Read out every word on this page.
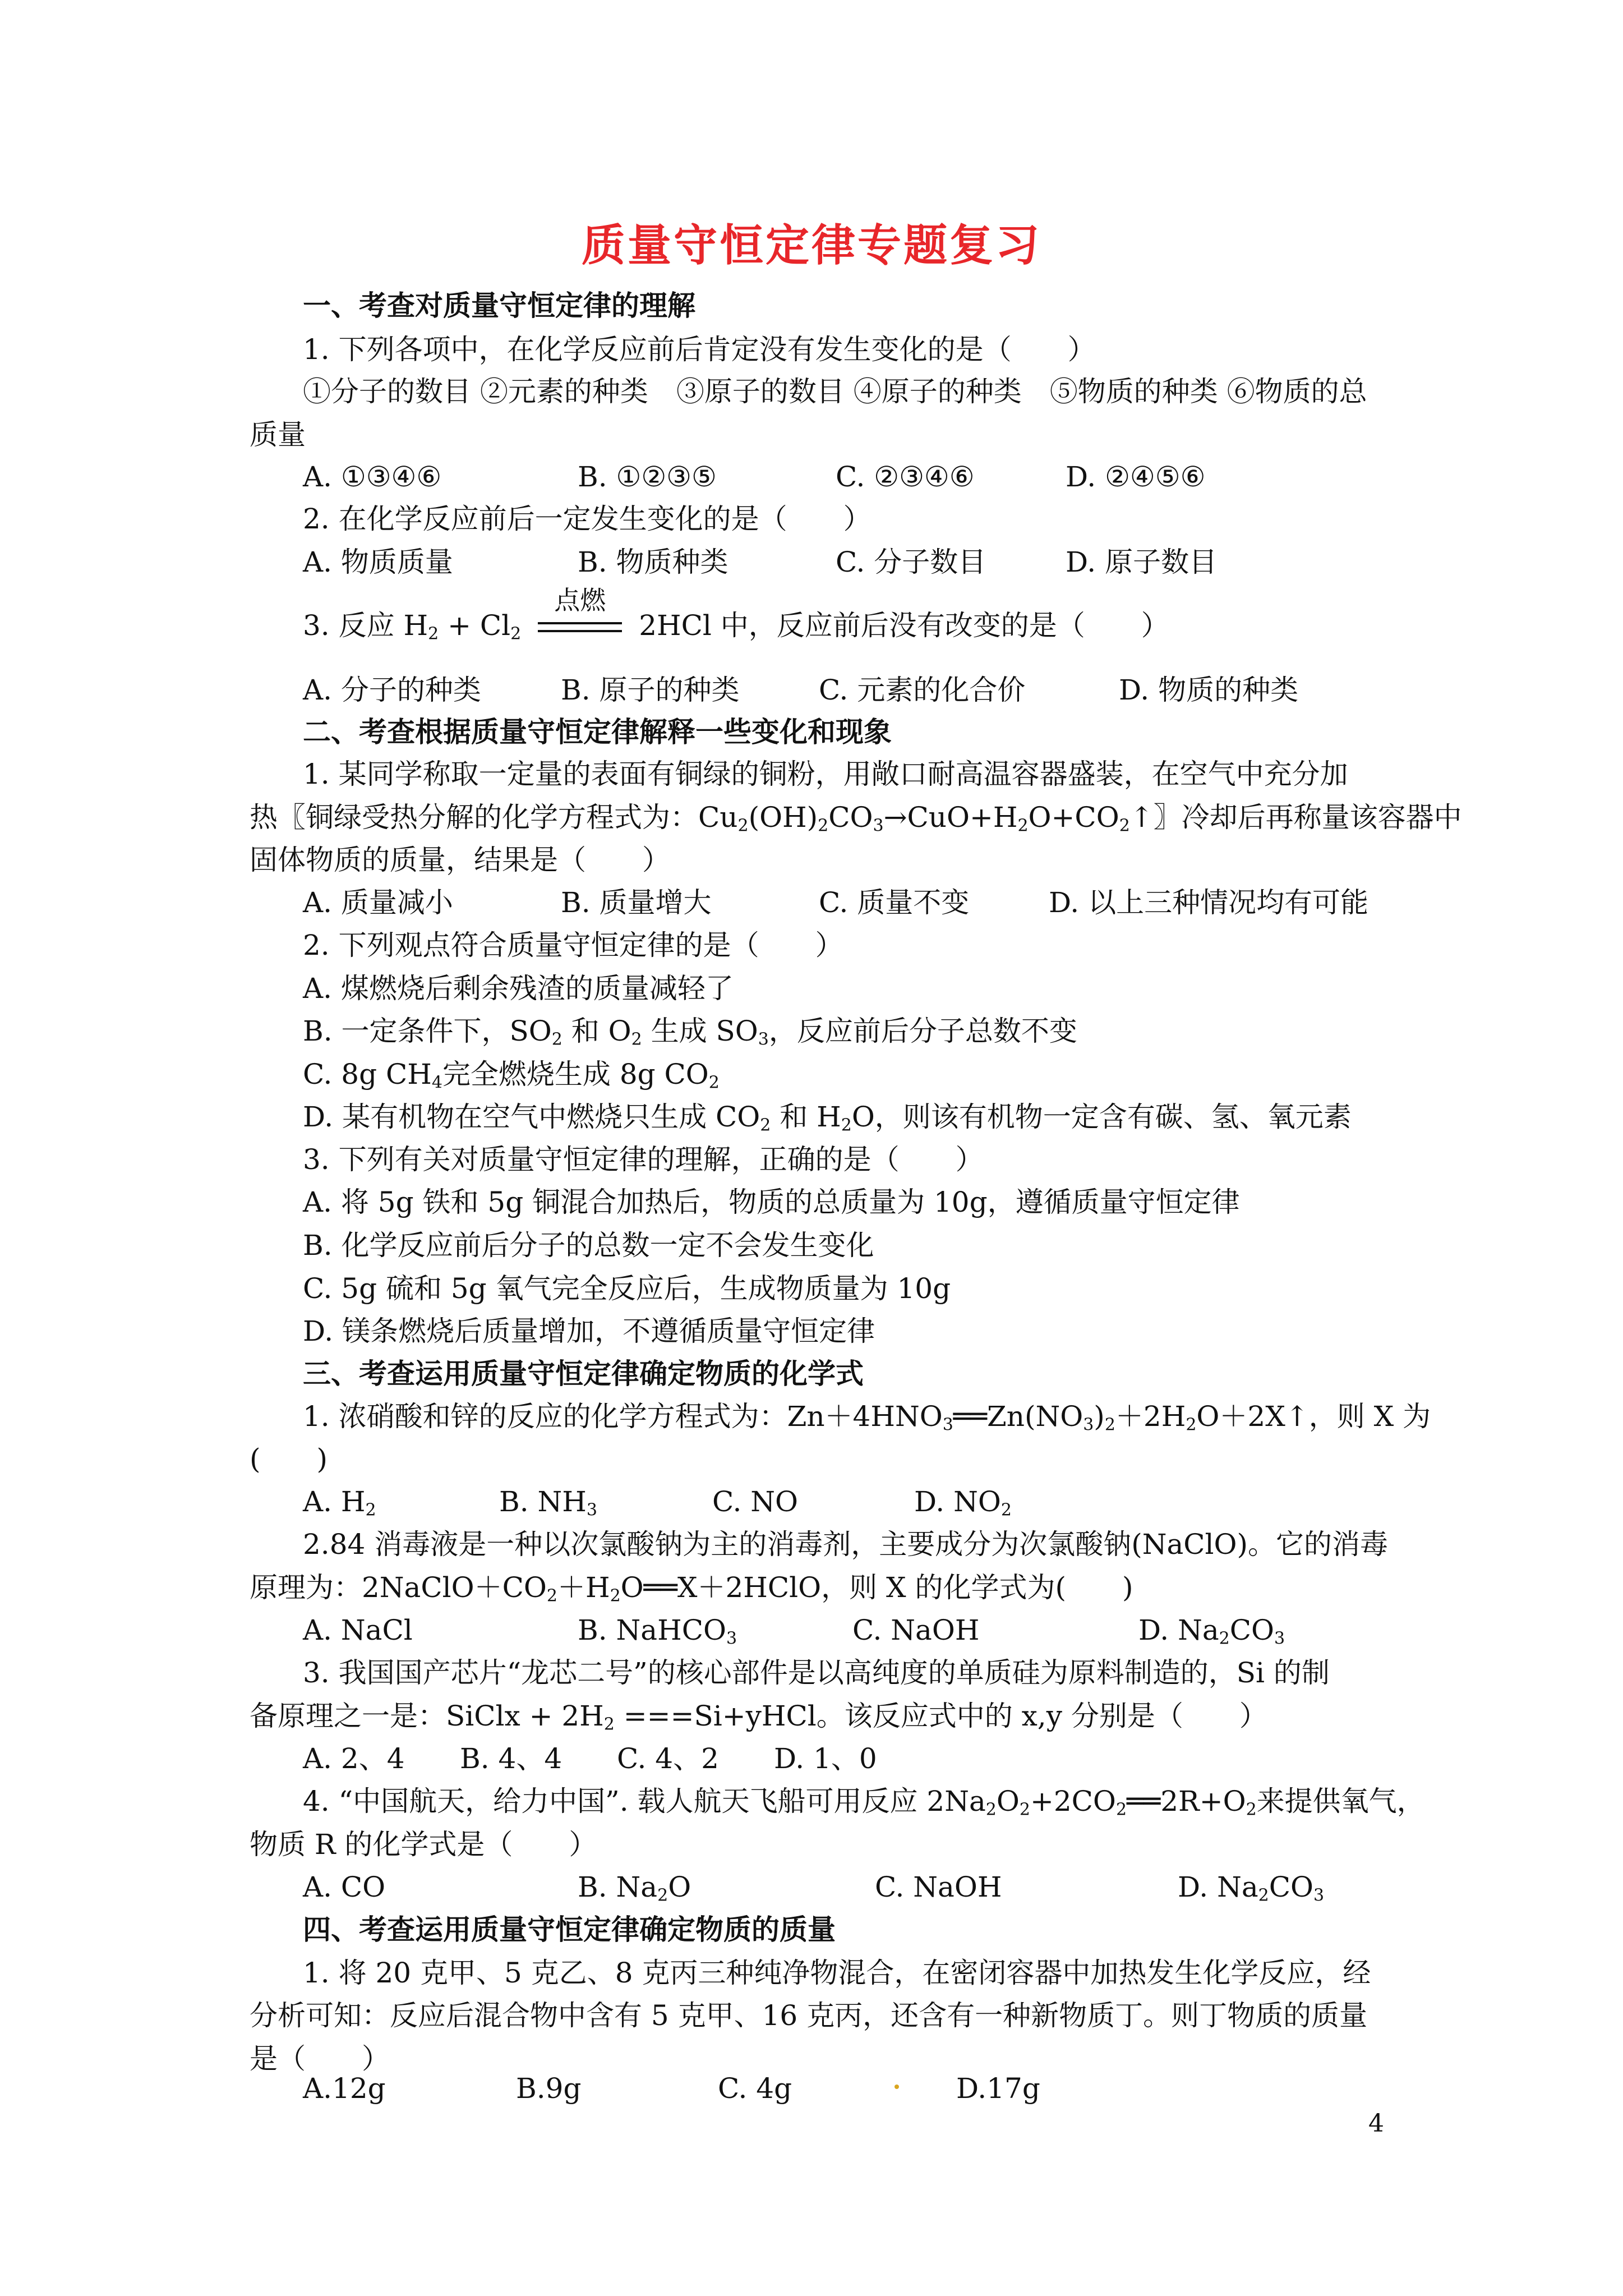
质量守恒定律专题复习
一、考查对质量守恒定律的理解
1. 下列各项中，在化学反应前后肯定没有发生变化的是（　　）
①分子的数目 ②元素的种类　③原子的数目 ④原子的种类　⑤物质的种类 ⑥物质的总
质量
A. ①③④⑥	B. ①②③⑤	C. ②③④⑥	D. ②④⑤⑥
2. 在化学反应前后一定发生变化的是（　　）
A. 物质质量	B. 物质种类	C. 分子数目	D. 原子数目
3. 反应 $H_2 + Cl_2$
点燃
2HCl 中，反应前后没有改变的是（　　）
A. 分子的种类	B. 原子的种类	C. 元素的化合价	D. 物质的种类
二、考查根据质量守恒定律解释一些变化和现象
1. 某同学称取一定量的表面有铜绿的铜粉，用敞口耐高温容器盛装，在空气中充分加
热〖铜绿受热分解的化学方程式为：$Cu_2(OH)_2CO_3\to CuO+H_2O+CO_2↑$〗冷却后再称量该容器中
固体物质的质量，结果是（　　）
A. 质量减小	B. 质量增大	C. 质量不变	D. 以上三种情况均有可能
2. 下列观点符合质量守恒定律的是（　　）
A. 煤燃烧后剩余残渣的质量减轻了
B. 一定条件下，$SO_2$ 和 $O_2$ 生成 $SO_3$，反应前后分子总数不变
C. 8g $CH_4$完全燃烧生成 8g $CO_2$
D. 某有机物在空气中燃烧只生成 $CO_2$ 和 $H_2O$，则该有机物一定含有碳、氢、氧元素
3. 下列有关对质量守恒定律的理解，正确的是（　　）
A. 将 5g 铁和 5g 铜混合加热后，物质的总质量为 10g，遵循质量守恒定律
B. 化学反应前后分子的总数一定不会发生变化
C. 5g 硫和 5g 氧气完全反应后，生成物质量为 10g
D. 镁条燃烧后质量增加，不遵循质量守恒定律
三、考查运用质量守恒定律确定物质的化学式
1. 浓硝酸和锌的反应的化学方程式为：$Zn+4HNO_3══Zn(NO_3)_2+2H_2O+2X↑$，则 X 为
(　　)
A. $H_2$	B. $NH_3$	C. NO	D. $NO_2$
2.84 消毒液是一种以次氯酸钠为主的消毒剂，主要成分为次氯酸钠(NaClO)。它的消毒
原理为：$2NaClO+CO_2+H_2O══X+2HClO$，则 X 的化学式为(　　)
A. NaCl	B. NaHCO$_3$	C. NaOH	D. $Na_2CO_3$
3. 我国国产芯片“龙芯二号”的核心部件是以高纯度的单质硅为原料制造的，Si 的制
备原理之一是：SiClx + $2H_2$ ===Si+yHCl。该反应式中的 x,y 分别是（　　）
A. 2、4 B. 4、4 C. 4、2 D. 1、0
4. “中国航天，给力中国”. 载人航天飞船可用反应 $2Na_2O_2+2CO_2══2R+O_2$来提供氧气，
物质 R 的化学式是（　　）
A. CO	B. $Na_2O$	C. NaOH	D. $Na_2CO_3$
四、考查运用质量守恒定律确定物质的质量
1. 将 20 克甲、5 克乙、8 克丙三种纯净物混合，在密闭容器中加热发生化学反应，经
分析可知：反应后混合物中含有 5 克甲、16 克丙，还含有一种新物质丁。则丁物质的质量
是（　　）
A.12g	B.9g	C. 4g	D.17g
4
